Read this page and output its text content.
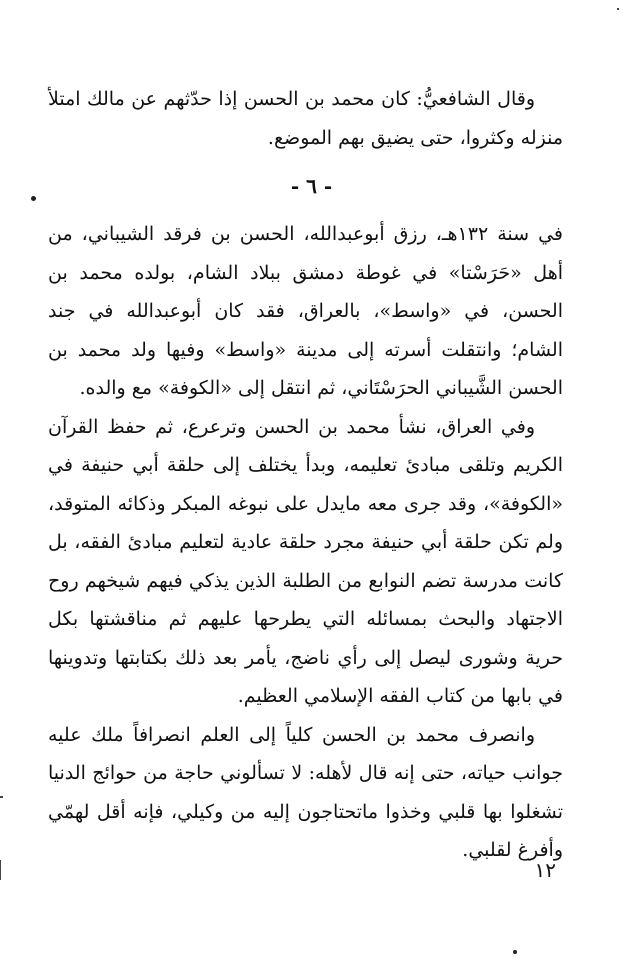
وقال الشافعيُّ: كان محمد بن الحسن إذا حدّثهم عن مالك امتلأ منزله وكثروا، حتى يضيق بهم الموضع.

- ٦ -

في سنة ١٣٢هـ، رزق أبوعبدالله، الحسن بن فرقد الشيباني، من أهل «حَرَسْتا» في غوطة دمشق ببلاد الشام، بولده محمد بن الحسن، في «واسط»، بالعراق، فقد كان أبوعبدالله في جند الشام؛ وانتقلت أسرته إلى مدينة «واسط» وفيها ولد محمد بن الحسن الشَّيباني الحرَسْتَاني، ثم انتقل إلى «الكوفة» مع والده.

وفي العراق، نشأ محمد بن الحسن وترعرع، ثم حفظ القرآن الكريم وتلقى مبادئ تعليمه، وبدأ يختلف إلى حلقة أبي حنيفة في «الكوفة»، وقد جرى معه مايدل على نبوغه المبكر وذكائه المتوقد، ولم تكن حلقة أبي حنيفة مجرد حلقة عادية لتعليم مبادئ الفقه، بل كانت مدرسة تضم النوابع من الطلبة الذين يذكي فيهم شيخهم روح الاجتهاد والبحث بمسائله التي يطرحها عليهم ثم مناقشتها بكل حرية وشورى ليصل إلى رأي ناضج، يأمر بعد ذلك بكتابتها وتدوينها في بابها من كتاب الفقه الإسلامي العظيم.

وانصرف محمد بن الحسن كلياً إلى العلم انصرافاً ملك عليه جوانب حياته، حتى إنه قال لأهله: لا تسألوني حاجة من حوائج الدنيا تشغلوا بها قلبي وخذوا ماتحتاجون إليه من وكيلي، فإنه أقل لهمّي وأفرغ لقلبي.

١٢
